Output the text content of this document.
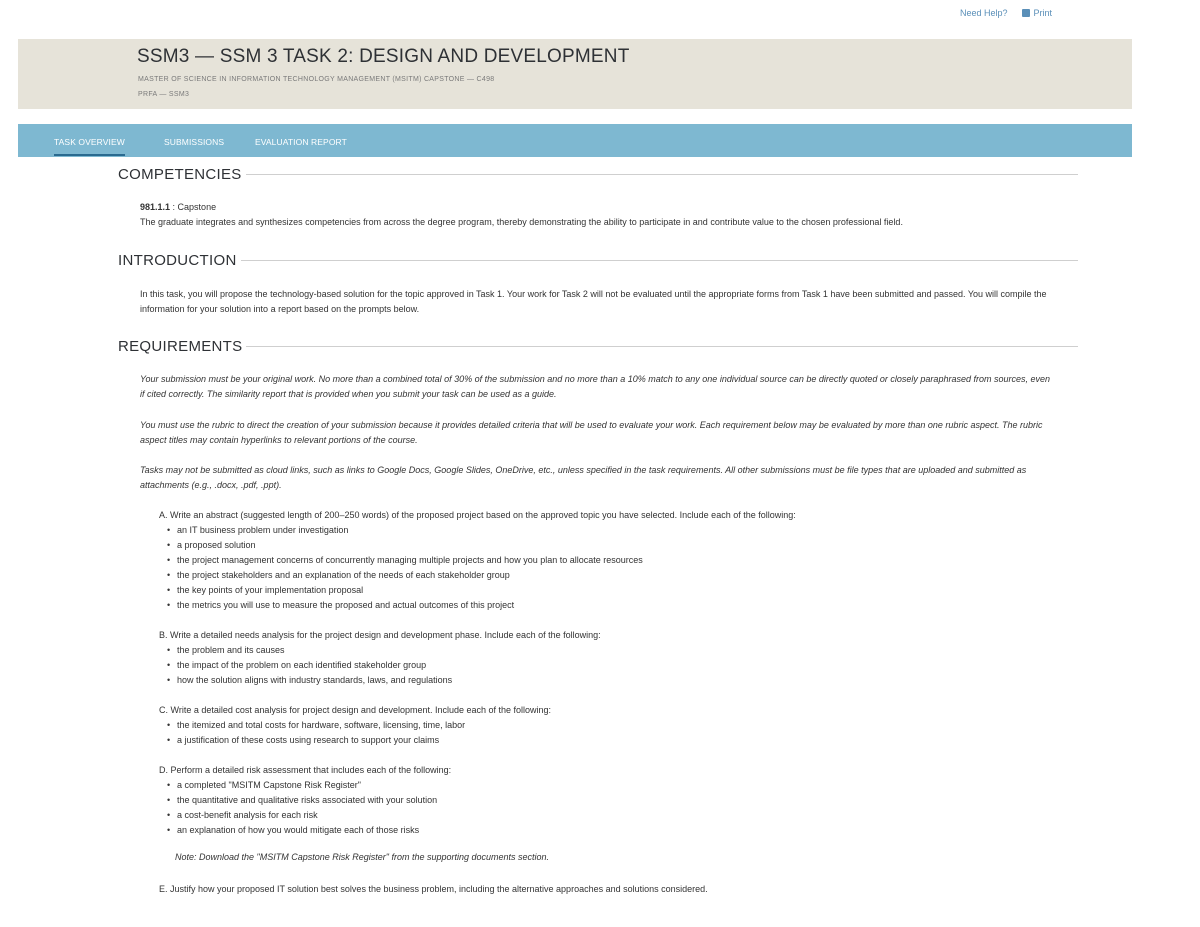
Need Help?	Print
SSM3 — SSM 3 TASK 2: DESIGN AND DEVELOPMENT
MASTER OF SCIENCE IN INFORMATION TECHNOLOGY MANAGEMENT (MSITM) CAPSTONE — C498
PRFA — SSM3
TASK OVERVIEW	SUBMISSIONS	EVALUATION REPORT
COMPETENCIES
981.1.1 : Capstone
The graduate integrates and synthesizes competencies from across the degree program, thereby demonstrating the ability to participate in and contribute value to the chosen professional field.
INTRODUCTION
In this task, you will propose the technology-based solution for the topic approved in Task 1. Your work for Task 2 will not be evaluated until the appropriate forms from Task 1 have been submitted and passed. You will compile the information for your solution into a report based on the prompts below.
REQUIREMENTS
Your submission must be your original work. No more than a combined total of 30% of the submission and no more than a 10% match to any one individual source can be directly quoted or closely paraphrased from sources, even if cited correctly. The similarity report that is provided when you submit your task can be used as a guide.
You must use the rubric to direct the creation of your submission because it provides detailed criteria that will be used to evaluate your work. Each requirement below may be evaluated by more than one rubric aspect. The rubric aspect titles may contain hyperlinks to relevant portions of the course.
Tasks may not be submitted as cloud links, such as links to Google Docs, Google Slides, OneDrive, etc., unless specified in the task requirements. All other submissions must be file types that are uploaded and submitted as attachments (e.g., .docx, .pdf, .ppt).
A. Write an abstract (suggested length of 200–250 words) of the proposed project based on the approved topic you have selected. Include each of the following:
• an IT business problem under investigation
• a proposed solution
• the project management concerns of concurrently managing multiple projects and how you plan to allocate resources
• the project stakeholders and an explanation of the needs of each stakeholder group
• the key points of your implementation proposal
• the metrics you will use to measure the proposed and actual outcomes of this project
B. Write a detailed needs analysis for the project design and development phase. Include each of the following:
• the problem and its causes
• the impact of the problem on each identified stakeholder group
• how the solution aligns with industry standards, laws, and regulations
C. Write a detailed cost analysis for project design and development. Include each of the following:
• the itemized and total costs for hardware, software, licensing, time, labor
• a justification of these costs using research to support your claims
D. Perform a detailed risk assessment that includes each of the following:
• a completed "MSITM Capstone Risk Register"
• the quantitative and qualitative risks associated with your solution
• a cost-benefit analysis for each risk
• an explanation of how you would mitigate each of those risks
Note: Download the "MSITM Capstone Risk Register" from the supporting documents section.
E. Justify how your proposed IT solution best solves the business problem, including the alternative approaches and solutions considered.
